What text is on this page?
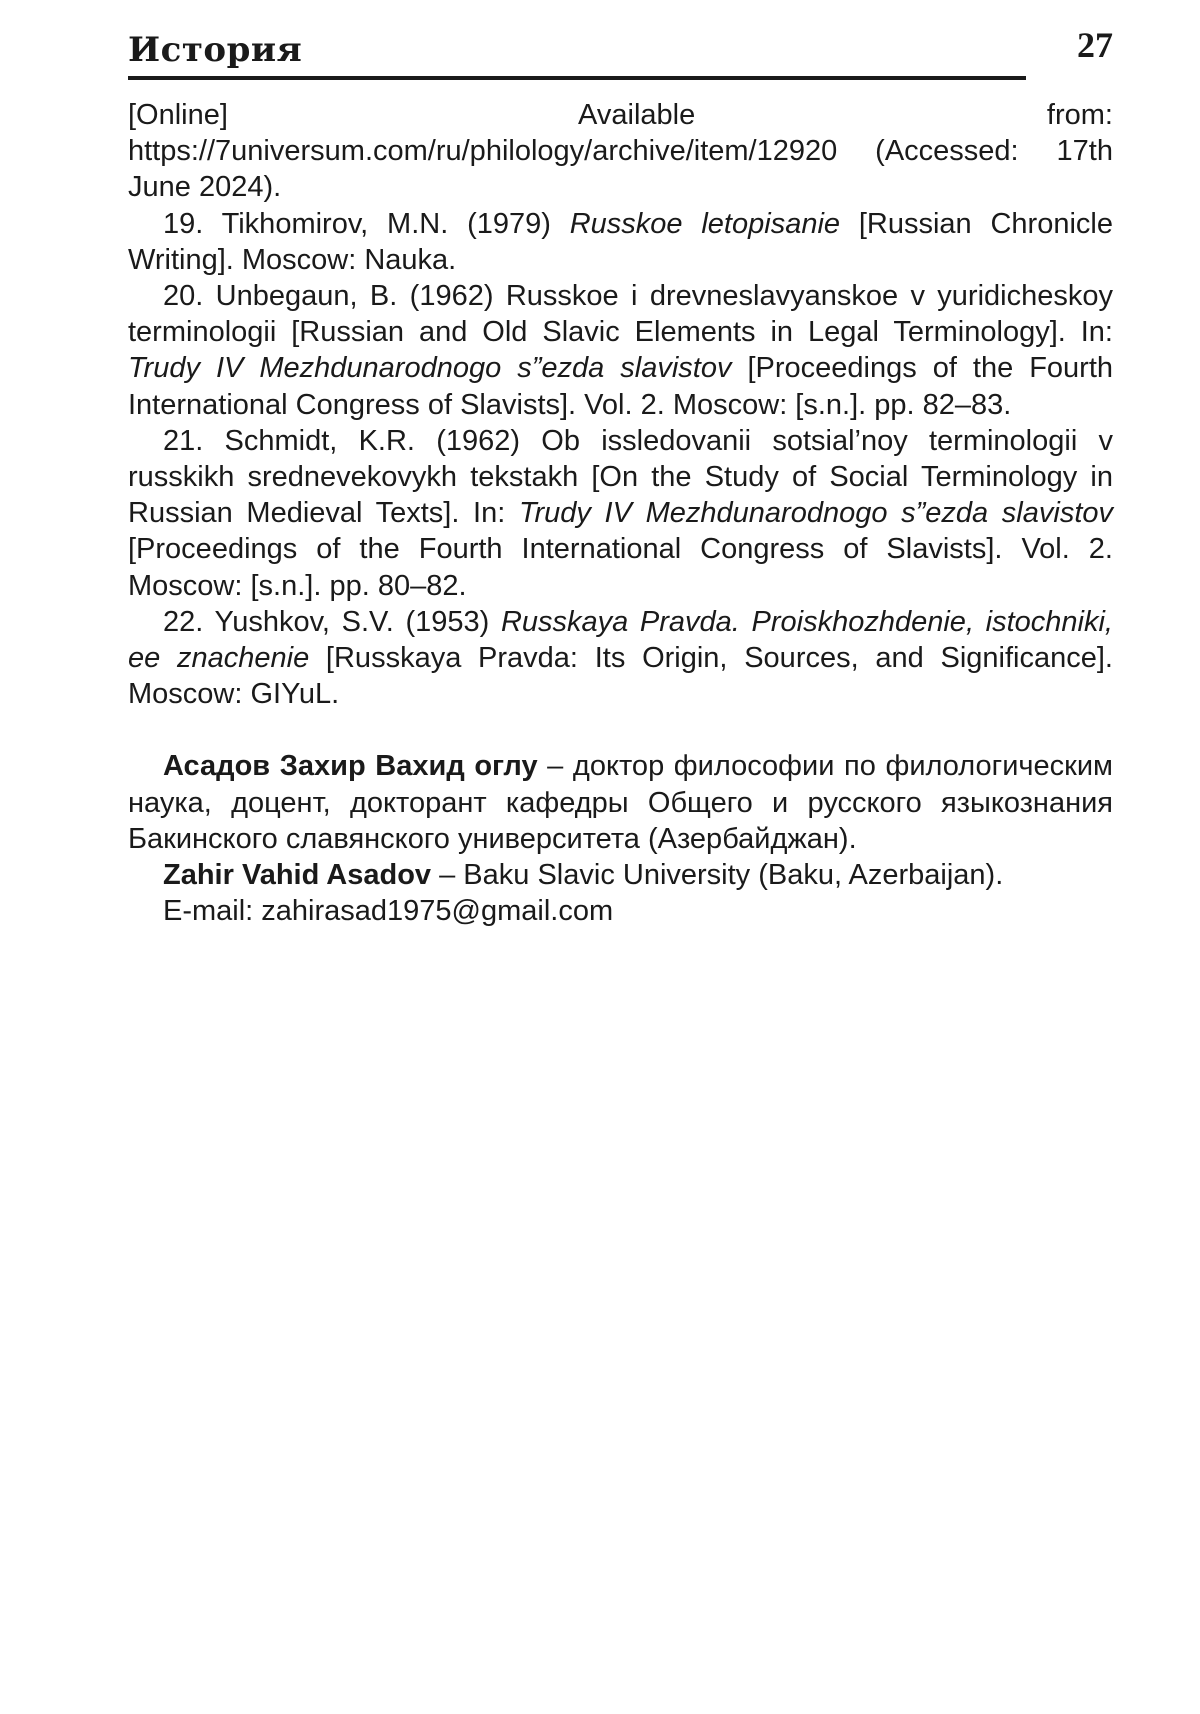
История	27

[Online] Available from: https://7universum.com/ru/philology/archive/item/12920 (Accessed: 17th June 2024).

19. Tikhomirov, M.N. (1979) Russkoe letopisanie [Russian Chronicle Writing]. Moscow: Nauka.

20. Unbegaun, B. (1962) Russkoe i drevneslavyanskoe v yuridicheskoy terminologii [Russian and Old Slavic Elements in Legal Terminology]. In: Trudy IV Mezhdunarodnogo s”ezda slavistov [Proceedings of the Fourth International Congress of Slavists]. Vol. 2. Moscow: [s.n.]. pp. 82–83.

21. Schmidt, K.R. (1962) Ob issledovanii sotsial’noy terminologii v russkikh srednevekovykh tekstakh [On the Study of Social Terminology in Russian Medieval Texts]. In: Trudy IV Mezhdunarodnogo s”ezda slavistov [Proceedings of the Fourth International Congress of Slavists]. Vol. 2. Moscow: [s.n.]. pp. 80–82.

22. Yushkov, S.V. (1953) Russkaya Pravda. Proiskhozhdenie, istochniki, ee znachenie [Russkaya Pravda: Its Origin, Sources, and Significance]. Moscow: GIYuL.

Асадов Захир Вахид оглу – доктор философии по филологическим наука, доцент, докторант кафедры Общего и русского языкознания Бакинского славянского университета (Азербайджан).

Zahir Vahid Asadov – Baku Slavic University (Baku, Azerbaijan).

E-mail: zahirasad1975@gmail.com
